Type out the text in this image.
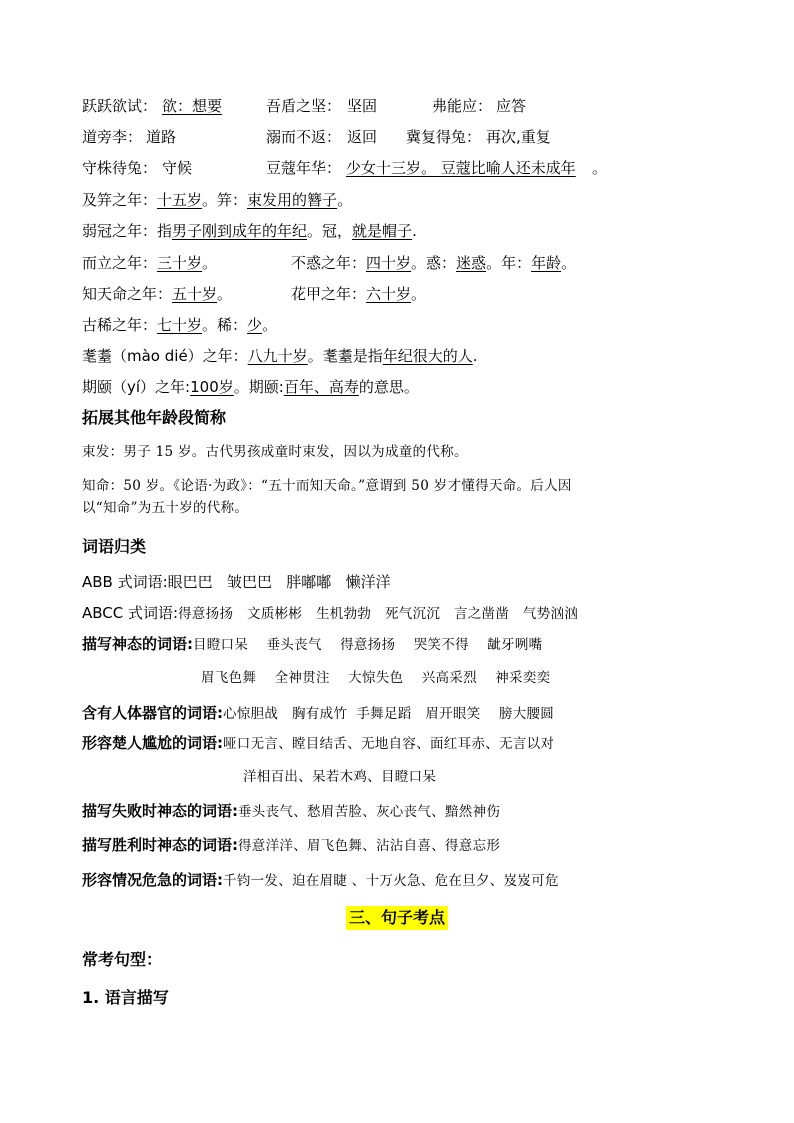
跃跃欲试： 欲：想要	吾盾之坚： 坚固	弗能应： 应答
道旁李： 道路	溺而不返： 返回 冀复得兔： 再次,重复
守株待兔： 守候	豆蔻年华： 少女十三岁。 豆蔻比喻人还未成年 。
及笄之年：十五岁。笄：束发用的簪子。
弱冠之年：指男子刚到成年的年纪。冠，就是帽子.
而立之年：三十岁。	不惑之年：四十岁。惑：迷惑。年：年龄。
知天命之年：五十岁。	花甲之年：六十岁。
古稀之年：七十岁。稀：少。
耄耋（mào dié）之年：八九十岁。耄耋是指年纪很大的人.
期颐（yí）之年:100岁。期颐:百年、高寿的意思。
拓展其他年龄段简称
束发：男子 15 岁。古代男孩成童时束发，因以为成童的代称。
知命：50 岁。《论语·为政》：“五十而知天命。”意谓到 50 岁才懂得天命。后人因
以“知命”为五十岁的代称。
词语归类
ABB 式词语:眼巴巴   皱巴巴   胖嘟嘟   懒洋洋
ABCC 式词语:得意扬扬   文质彬彬   生机勃勃   死气沉沉   言之凿凿   气势汹汹
描写神态的词语:目瞪口呆    垂头丧气    得意扬扬    哭笑不得    龇牙咧嘴
眉飞色舞    全神贯注    大惊失色    兴高采烈    神采奕奕
含有人体器官的词语:心惊胆战   胸有成竹  手舞足蹈   眉开眼笑    膀大腰圆
形容楚人尴尬的词语:哑口无言、瞠目结舌、无地自容、面红耳赤、无言以对
洋相百出、呆若木鸡、目瞪口呆
描写失败时神态的词语:垂头丧气、愁眉苦脸、灰心丧气、黯然神伤
描写胜利时神态的词语:得意洋洋、眉飞色舞、沾沾自喜、得意忘形
形容情况危急的词语:千钧一发、迫在眉睫 、十万火急、危在旦夕、岌岌可危
三、句子考点
常考句型：
1. 语言描写
